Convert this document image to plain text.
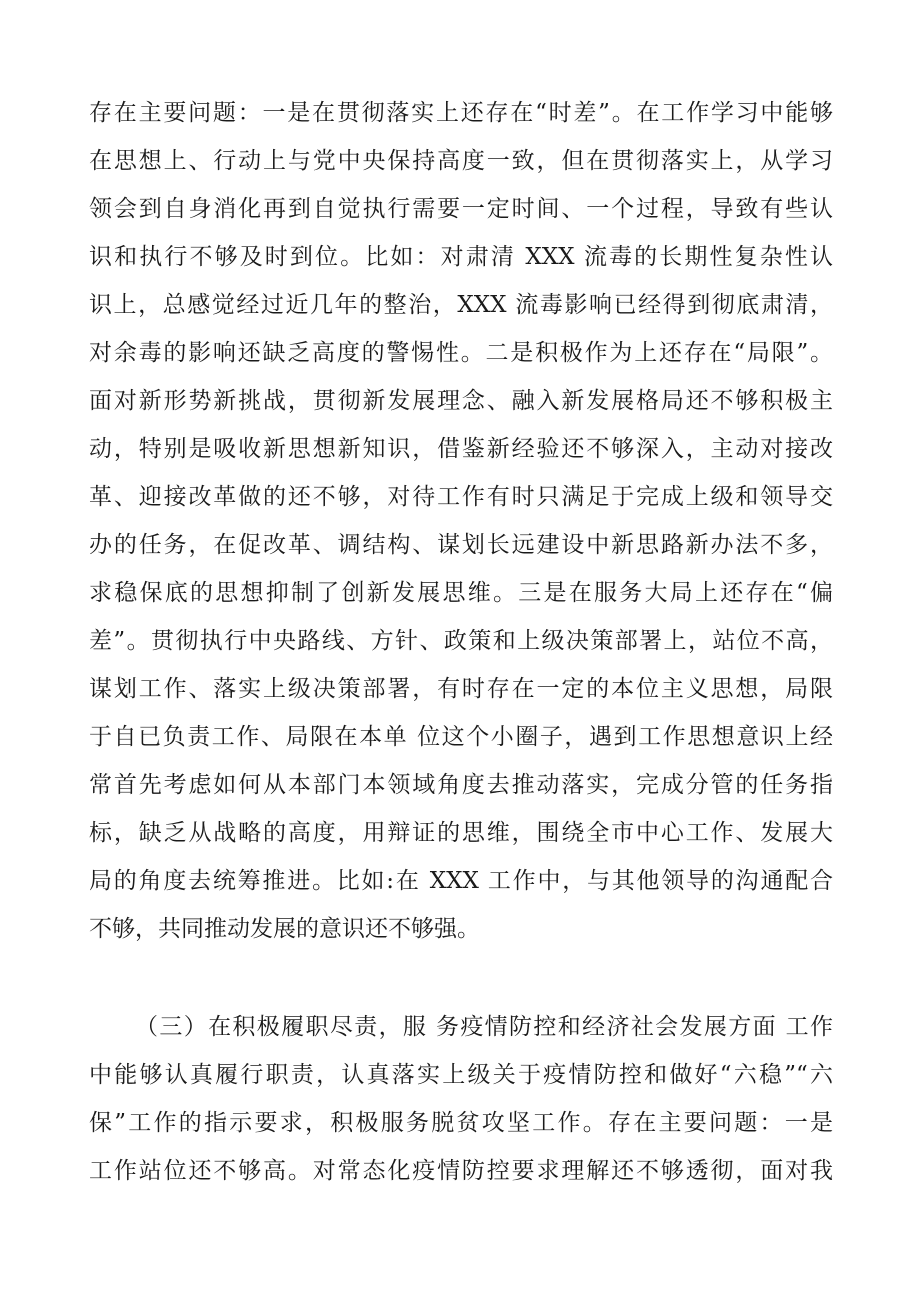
存在主要问题：一是在贯彻落实上还存在“时差”。在工作学习中能够
在思想上、行动上与党中央保持高度一致，但在贯彻落实上，从学习
领会到自身消化再到自觉执行需要一定时间、一个过程，导致有些认
识和执行不够及时到位。比如：对肃清 XXX 流毒的长期性复杂性认
识上，总感觉经过近几年的整治，XXX 流毒影响已经得到彻底肃清，
对余毒的影响还缺乏高度的警惕性。二是积极作为上还存在“局限”。
面对新形势新挑战，贯彻新发展理念、融入新发展格局还不够积极主
动，特别是吸收新思想新知识，借鉴新经验还不够深入，主动对接改
革、迎接改革做的还不够，对待工作有时只满足于完成上级和领导交
办的任务，在促改革、调结构、谋划长远建设中新思路新办法不多，
求稳保底的思想抑制了创新发展思维。三是在服务大局上还存在“偏
差”。贯彻执行中央路线、方针、政策和上级决策部署上，站位不高，
谋划工作、落实上级决策部署，有时存在一定的本位主义思想，局限
于自已负责工作、局限在本单 位这个小圈子，遇到工作思想意识上经
常首先考虑如何从本部门本领域角度去推动落实，完成分管的任务指
标，缺乏从战略的高度，用辩证的思维，围绕全市中心工作、发展大
局的角度去统筹推进。比如:在 XXX 工作中，与其他领导的沟通配合
不够，共同推动发展的意识还不够强。
（三）在积极履职尽责，服 务疫情防控和经济社会发展方面 工作
中能够认真履行职责，认真落实上级关于疫情防控和做好“六稳”“六
保”工作的指示要求，积极服务脱贫攻坚工作。存在主要问题：一是
工作站位还不够高。对常态化疫情防控要求理解还不够透彻，面对我
